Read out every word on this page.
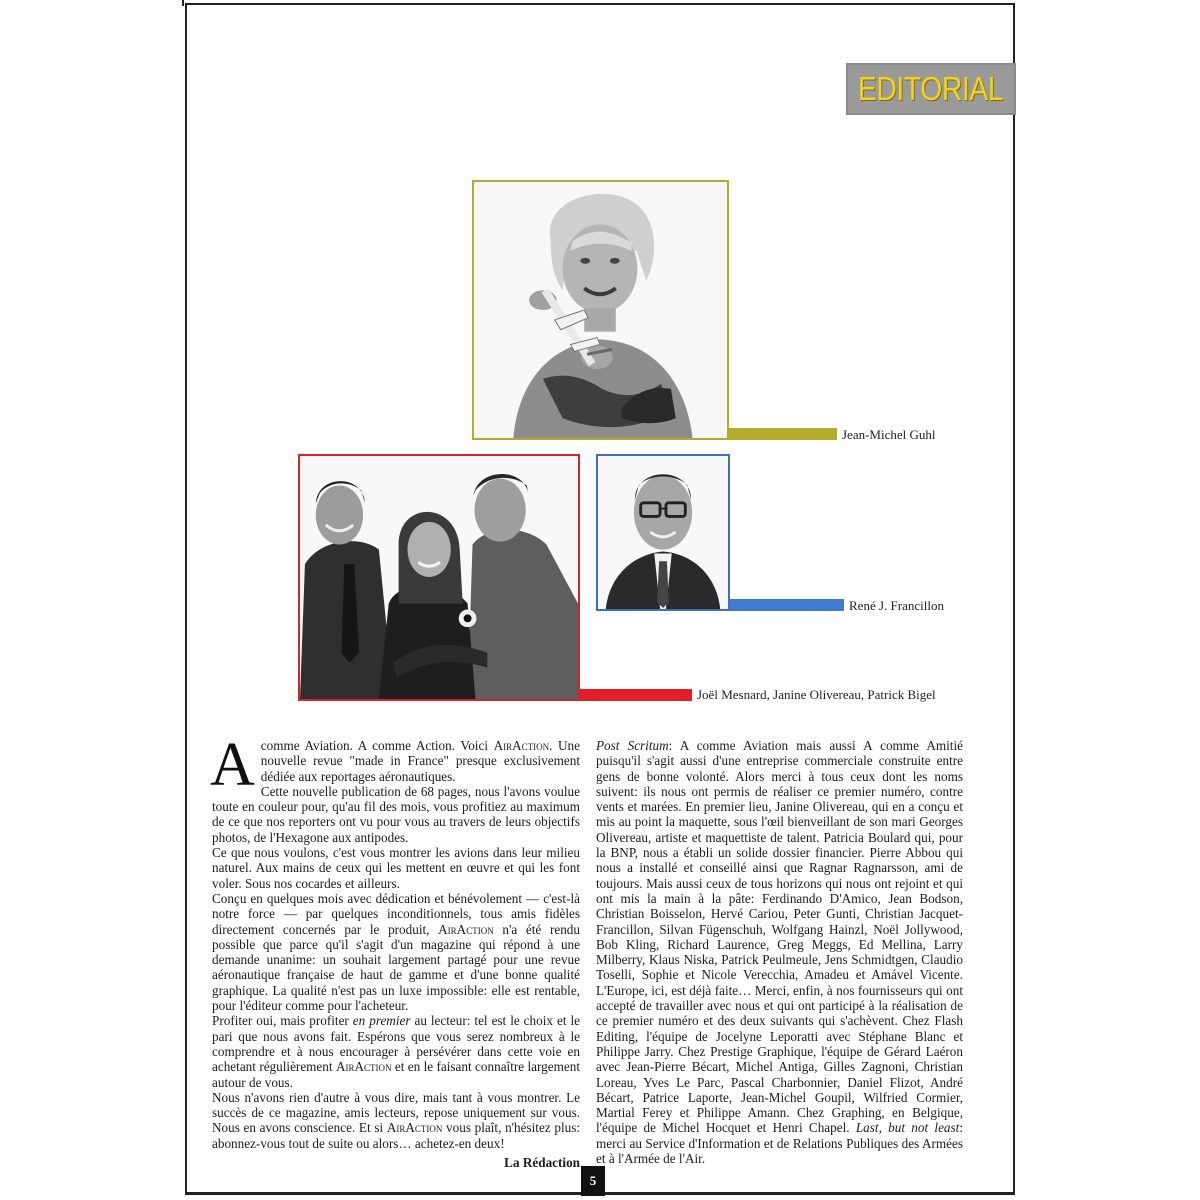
EDITORIAL
Jean-Michel Guhl
Joël Mesnard, Janine Olivereau, Patrick Bigel
René J. Francillon

A comme Aviation. A comme Action. Voici AirAction. Une nouvelle revue "made in France" presque exclusivement dédiée aux reportages aéronautiques.

Cette nouvelle publication de 68 pages, nous l'avons voulue toute en couleur pour, qu'au fil des mois, vous profitiez au maximum de ce que nos reporters ont vu pour vous au travers de leurs objectifs photos, de l'Hexagone aux antipodes.

Ce que nous voulons, c'est vous montrer les avions dans leur milieu naturel. Aux mains de ceux qui les mettent en œuvre et qui les font voler. Sous nos cocardes et ailleurs.

Conçu en quelques mois avec dédication et bénévolement — c'est-là notre force — par quelques inconditionnels, tous amis fidèles directement concernés par le produit, AirAction n'a été rendu possible que parce qu'il s'agit d'un magazine qui répond à une demande unanime: un souhait largement partagé pour une revue aéronautique française de haut de gamme et d'une bonne qualité graphique. La qualité n'est pas un luxe impossible: elle est rentable, pour l'éditeur comme pour l'acheteur.

Profiter oui, mais profiter en premier au lecteur: tel est le choix et le pari que nous avons fait. Espérons que vous serez nombreux à le comprendre et à nous encourager à persévérer dans cette voie en achetant régulièrement AirAction et en le faisant connaître largement autour de vous.

Nous n'avons rien d'autre à vous dire, mais tant à vous montrer. Le succès de ce magazine, amis lecteurs, repose uniquement sur vous. Nous en avons conscience. Et si AirAction vous plaît, n'hésitez plus: abonnez-vous tout de suite ou alors… achetez-en deux!

La Rédaction

Post Scritum: A comme Aviation mais aussi A comme Amitié puisqu'il s'agit aussi d'une entreprise commerciale construite entre gens de bonne volonté. Alors merci à tous ceux dont les noms suivent: ils nous ont permis de réaliser ce premier numéro, contre vents et marées. En premier lieu, Janine Olivereau, qui en a conçu et mis au point la maquette, sous l'œil bienveillant de son mari Georges Olivereau, artiste et maquettiste de talent. Patricia Boulard qui, pour la BNP, nous a établi un solide dossier financier. Pierre Abbou qui nous a installé et conseillé ainsi que Ragnar Ragnarsson, ami de toujours. Mais aussi ceux de tous horizons qui nous ont rejoint et qui ont mis la main à la pâte: Ferdinando D'Amico, Jean Bodson, Christian Boisselon, Hervé Cariou, Peter Gunti, Christian Jacquet-Francillon, Silvan Fügenschuh, Wolfgang Hainzl, Noël Jollywood, Bob Kling, Richard Laurence, Greg Meggs, Ed Mellina, Larry Milberry, Klaus Niska, Patrick Peulmeule, Jens Schmidtgen, Claudio Toselli, Sophie et Nicole Verecchia, Amadeu et Amável Vicente. L'Europe, ici, est déjà faite… Merci, enfin, à nos fournisseurs qui ont accepté de travailler avec nous et qui ont participé à la réalisation de ce premier numéro et des deux suivants qui s'achèvent. Chez Flash Editing, l'équipe de Jocelyne Leporatti avec Stéphane Blanc et Philippe Jarry. Chez Prestige Graphique, l'équipe de Gérard Laéron avec Jean-Pierre Bécart, Michel Antiga, Gilles Zagnoni, Christian Loreau, Yves Le Parc, Pascal Charbonnier, Daniel Flizot, André Bécart, Patrice Laporte, Jean-Michel Goupil, Wilfried Cormier, Martial Ferey et Philippe Amann. Chez Graphing, en Belgique, l'équipe de Michel Hocquet et Henri Chapel. Last, but not least: merci au Service d'Information et de Relations Publiques des Armées et à l'Armée de l'Air.

5
